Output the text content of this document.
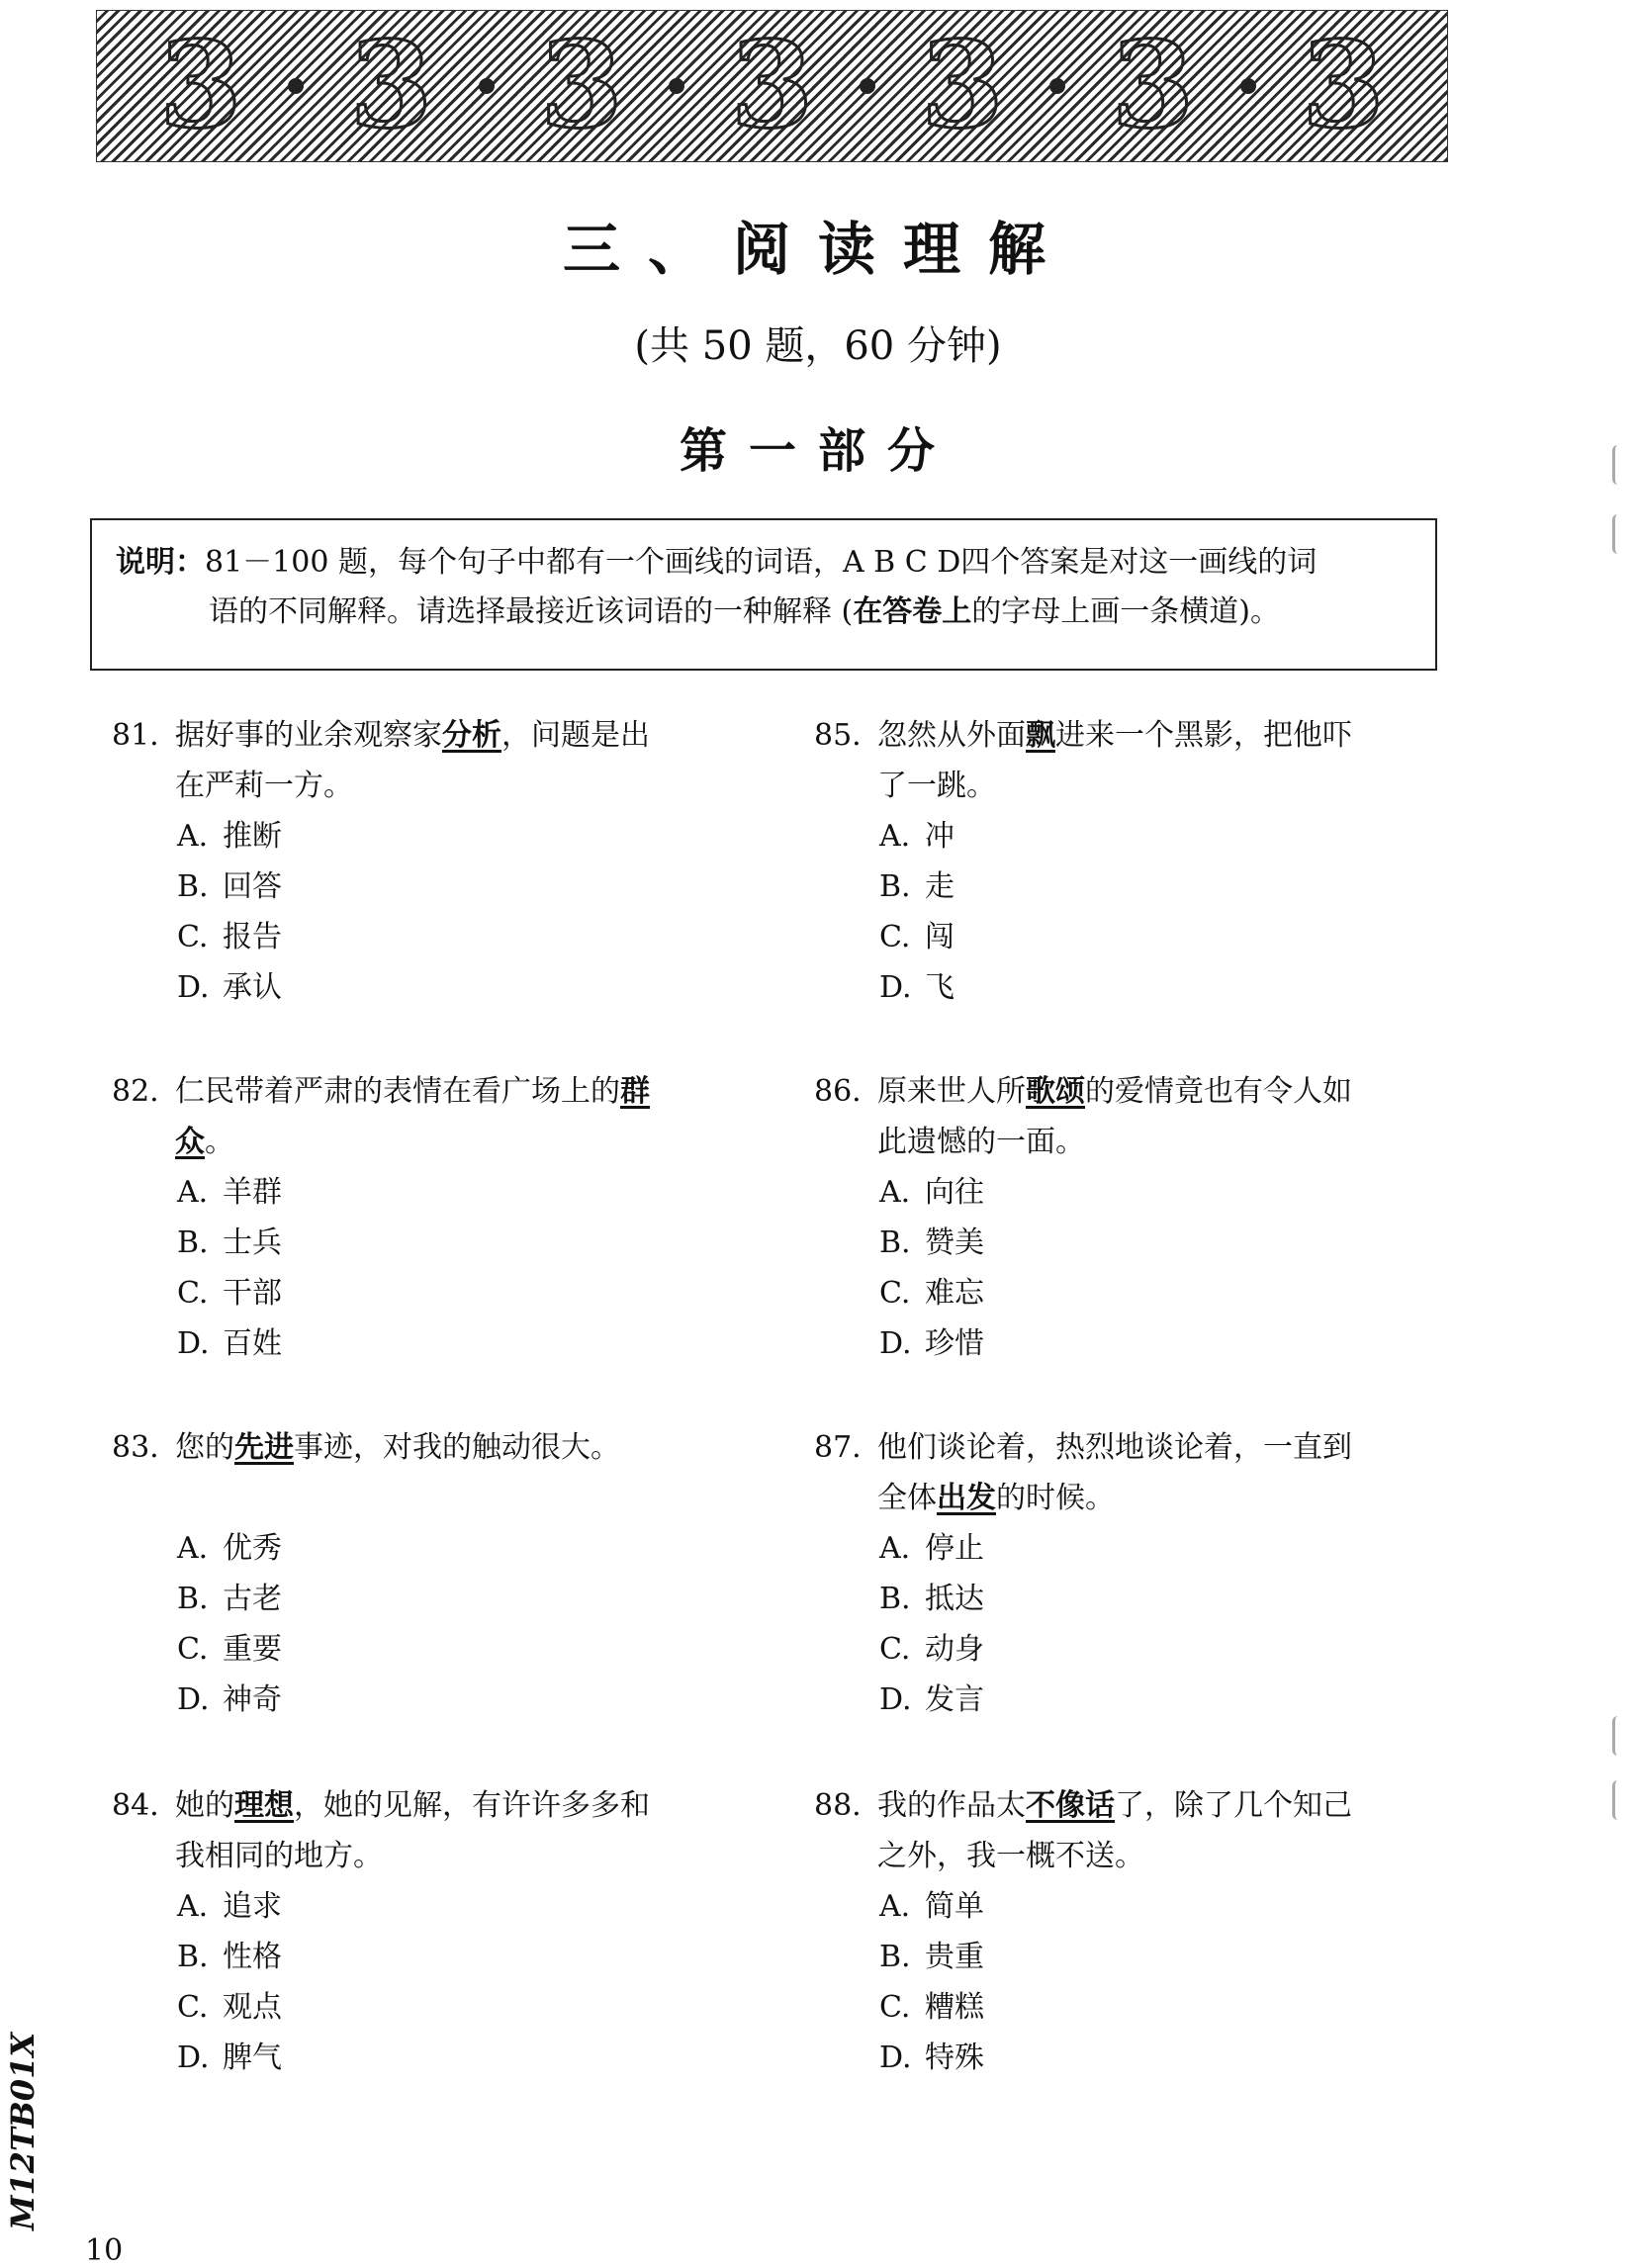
3 3 3 3 3 3 3
三、阅读理解
(共 50 题，60 分钟)
第一部分
说明：81－100 题，每个句子中都有一个画线的词语，A B C D四个答案是对这一画线的词
语的不同解释。请选择最接近该词语的一种解释 (在答卷上的字母上画一条横道)。
81. 据好事的业余观察家分析，问题是出在严莉一方。
A. 推断
B. 回答
C. 报告
D. 承认
82. 仁民带着严肃的表情在看广场上的群众。
A. 羊群
B. 士兵
C. 干部
D. 百姓
83. 您的先进事迹，对我的触动很大。
A. 优秀
B. 古老
C. 重要
D. 神奇
84. 她的理想，她的见解，有许许多多和我相同的地方。
A. 追求
B. 性格
C. 观点
D. 脾气
85. 忽然从外面飘进来一个黑影，把他吓了一跳。
A. 冲
B. 走
C. 闯
D. 飞
86. 原来世人所歌颂的爱情竟也有令人如此遗憾的一面。
A. 向往
B. 赞美
C. 难忘
D. 珍惜
87. 他们谈论着，热烈地谈论着，一直到全体出发的时候。
A. 停止
B. 抵达
C. 动身
D. 发言
88. 我的作品太不像话了，除了几个知己之外，我一概不送。
A. 简单
B. 贵重
C. 糟糕
D. 特殊
M12TB01X
10
